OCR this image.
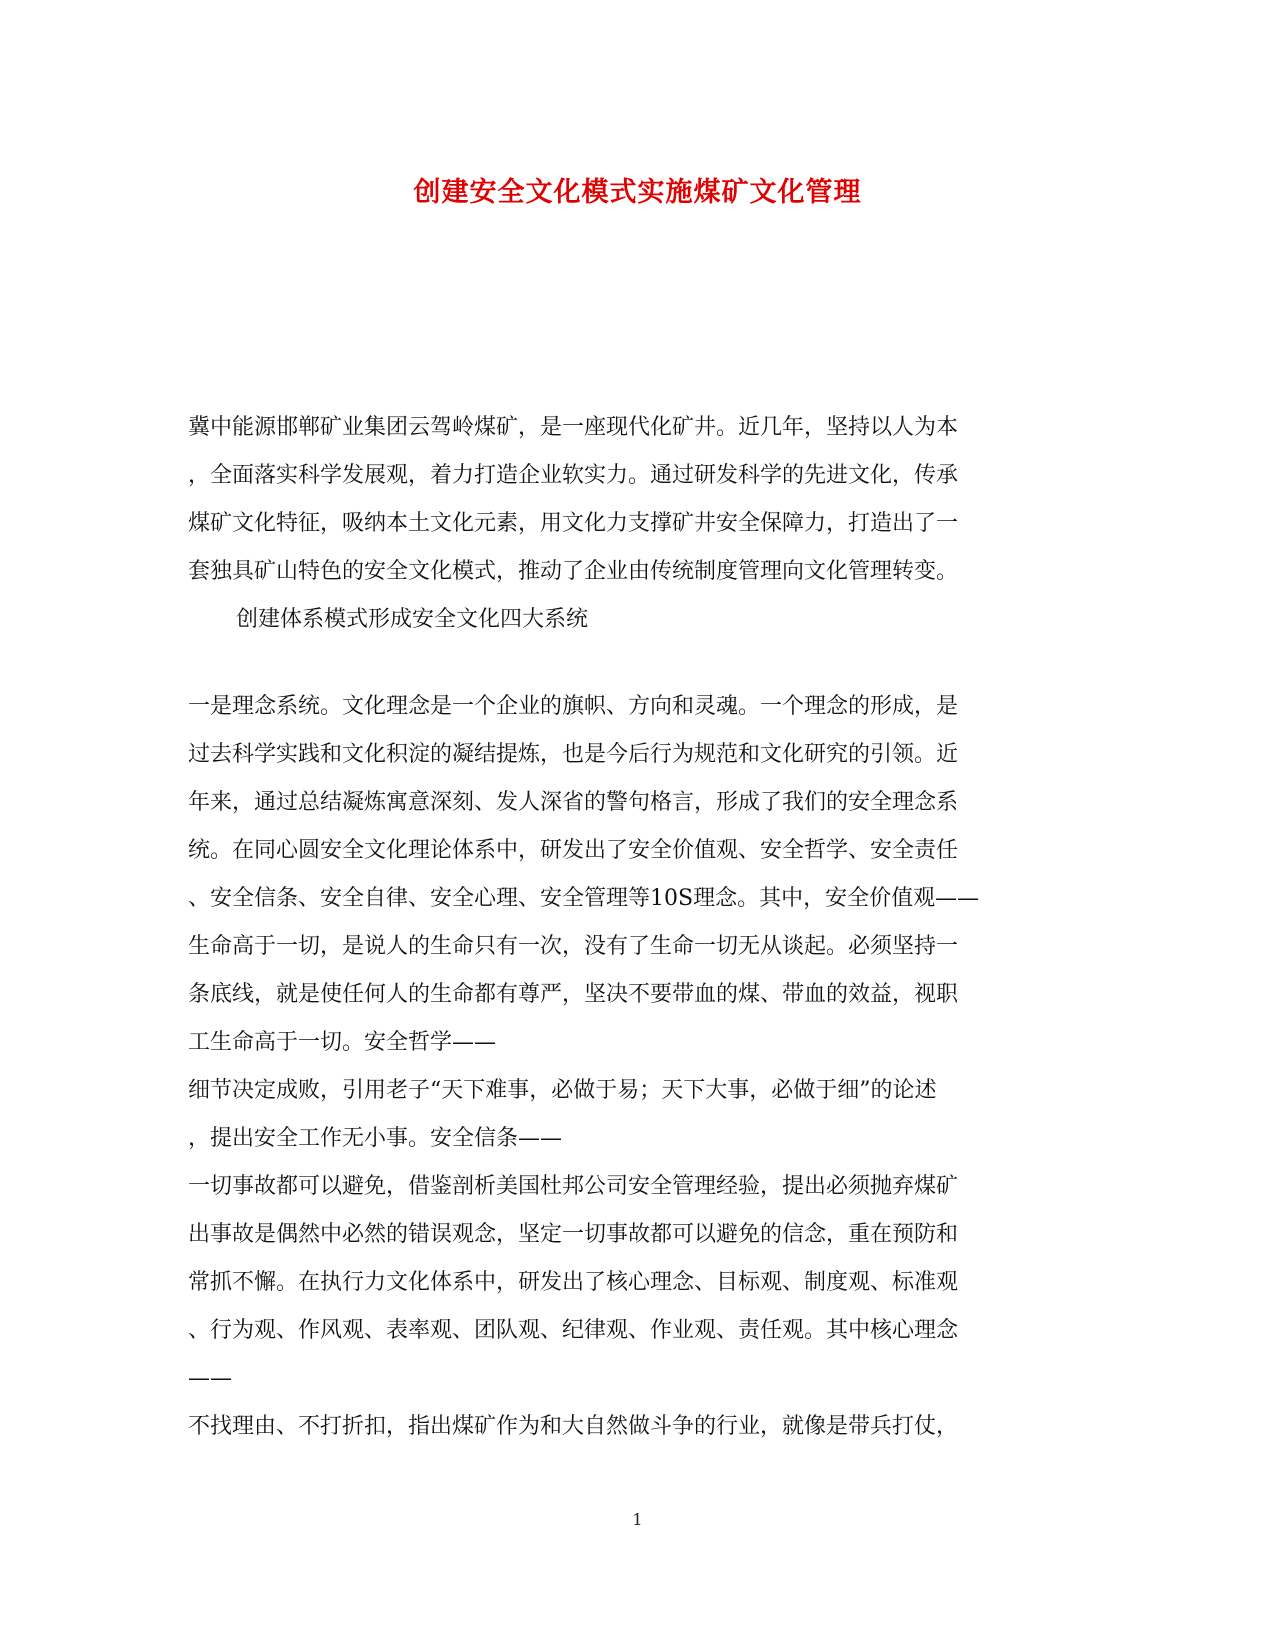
创建安全文化模式实施煤矿文化管理
冀中能源邯郸矿业集团云驾岭煤矿，是一座现代化矿井。近几年，坚持以人为本
，全面落实科学发展观，着力打造企业软实力。通过研发科学的先进文化，传承
煤矿文化特征，吸纳本土文化元素，用文化力支撑矿井安全保障力，打造出了一
套独具矿山特色的安全文化模式，推动了企业由传统制度管理向文化管理转变。
创建体系模式形成安全文化四大系统
一是理念系统。文化理念是一个企业的旗帜、方向和灵魂。一个理念的形成，是
过去科学实践和文化积淀的凝结提炼，也是今后行为规范和文化研究的引领。近
年来，通过总结凝炼寓意深刻、发人深省的警句格言，形成了我们的安全理念系
统。在同心圆安全文化理论体系中，研发出了安全价值观、安全哲学、安全责任
、安全信条、安全自律、安全心理、安全管理等10S理念。其中，安全价值观——
生命高于一切，是说人的生命只有一次，没有了生命一切无从谈起。必须坚持一
条底线，就是使任何人的生命都有尊严，坚决不要带血的煤、带血的效益，视职
工生命高于一切。安全哲学——
细节决定成败，引用老子“天下难事，必做于易；天下大事，必做于细”的论述
，提出安全工作无小事。安全信条——
一切事故都可以避免，借鉴剖析美国杜邦公司安全管理经验，提出必须抛弃煤矿
出事故是偶然中必然的错误观念，坚定一切事故都可以避免的信念，重在预防和
常抓不懈。在执行力文化体系中，研发出了核心理念、目标观、制度观、标准观
、行为观、作风观、表率观、团队观、纪律观、作业观、责任观。其中核心理念
——
不找理由、不打折扣，指出煤矿作为和大自然做斗争的行业，就像是带兵打仗，
1
